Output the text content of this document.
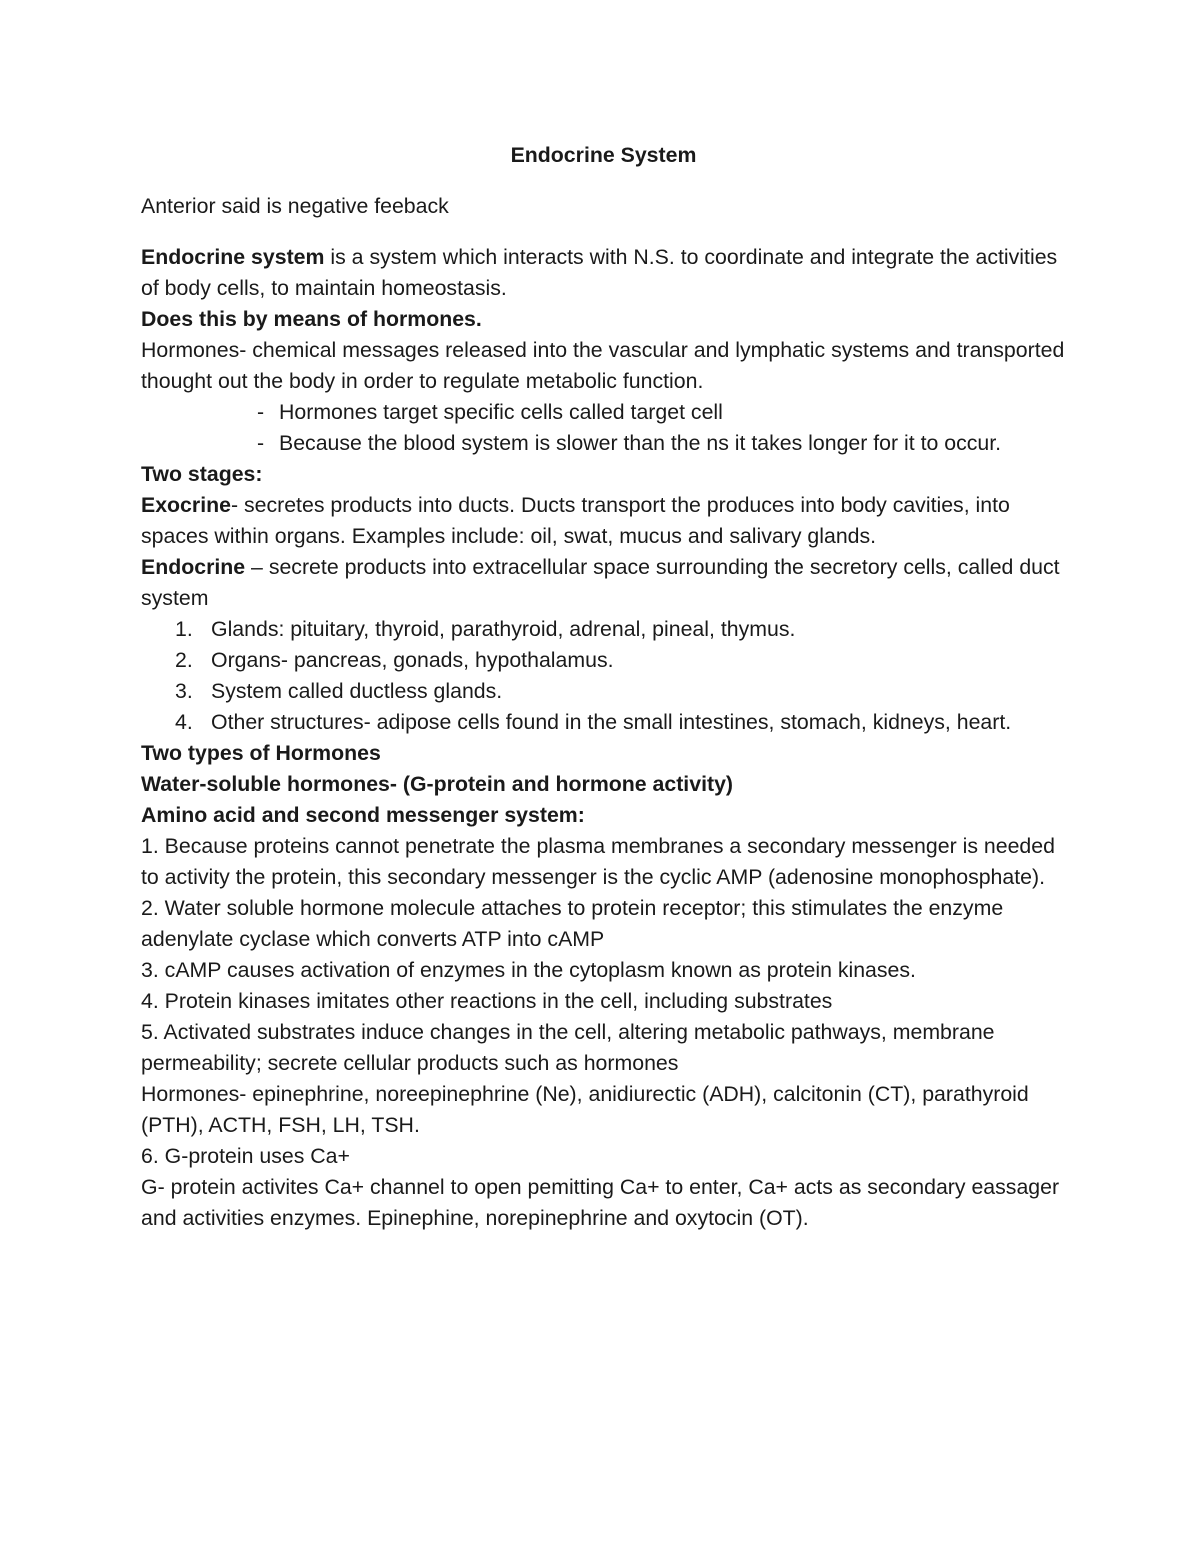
Endocrine System

Anterior said is negative feeback

Endocrine system is a system which interacts with N.S. to coordinate and integrate the activities of body cells, to maintain homeostasis.

Does this by means of hormones.

Hormones- chemical messages released into the vascular and lymphatic systems and transported thought out the body in order to regulate metabolic function.

- Hormones target specific cells called target cell
- Because the blood system is slower than the ns it takes longer for it to occur.

Two stages:

Exocrine- secretes products into ducts. Ducts transport the produces into body cavities, into spaces within organs. Examples include: oil, swat, mucus and salivary glands.

Endocrine – secrete products into extracellular space surrounding the secretory cells, called duct system

1. Glands: pituitary, thyroid, parathyroid, adrenal, pineal, thymus.
2. Organs- pancreas, gonads, hypothalamus.
3. System called ductless glands.
4. Other structures- adipose cells found in the small intestines, stomach, kidneys, heart.

Two types of Hormones

Water-soluble hormones- (G-protein and hormone activity)

Amino acid and second messenger system:

1. Because proteins cannot penetrate the plasma membranes a secondary messenger is needed to activity the protein, this secondary messenger is the cyclic AMP (adenosine monophosphate).

2. Water soluble hormone molecule attaches to protein receptor; this stimulates the enzyme adenylate cyclase which converts ATP into cAMP

3. cAMP causes activation of enzymes in the cytoplasm known as protein kinases.

4. Protein kinases imitates other reactions in the cell, including substrates

5. Activated substrates induce changes in the cell, altering metabolic pathways, membrane permeability; secrete cellular products such as hormones

Hormones- epinephrine, noreepinephrine (Ne), anidiurectic (ADH), calcitonin (CT), parathyroid (PTH), ACTH, FSH, LH, TSH.

6. G-protein uses Ca+

G- protein activites Ca+ channel to open pemitting Ca+ to enter, Ca+ acts as secondary eassager and activities enzymes. Epinephine, norepinephrine and oxytocin (OT).
